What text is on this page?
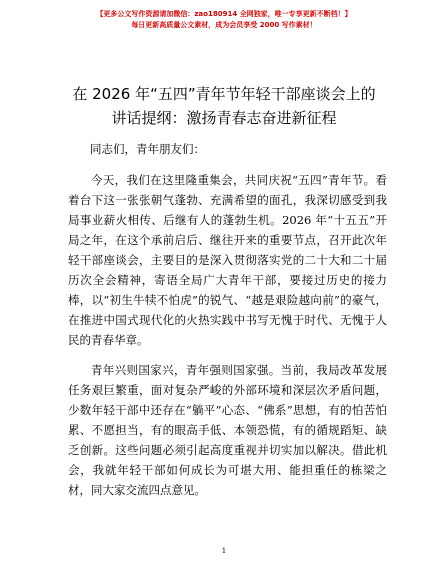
【更多公文写作资源请加微信：zao180914 全网独家，唯一专享更新不断档！】
每日更新高质量公文素材，成为会员享受 2000 写作素材！
在 2026 年“五四”青年节年轻干部座谈会上的
讲话提纲：激扬青春志奋进新征程
同志们，青年朋友们：

今天，我们在这里隆重集会，共同庆祝“五四”青年节。看着台下这一张张朝气蓬勃、充满希望的面孔，我深切感受到我局事业薪火相传、后继有人的蓬勃生机。2026 年“十五五”开局之年，在这个承前启后、继往开来的重要节点，召开此次年轻干部座谈会，主要目的是深入贯彻落实党的二十大和二十届历次全会精神，寄语全局广大青年干部，要接过历史的接力棒，以“初生牛犊不怕虎”的锐气、“越是艰险越向前”的豪气，在推进中国式现代化的火热实践中书写无愧于时代、无愧于人民的青春华章。

青年兴则国家兴，青年强则国家强。当前，我局改革发展任务艰巨繁重，面对复杂严峻的外部环境和深层次矛盾问题，少数年轻干部中还存在“躺平”心态、“佛系”思想，有的怕苦怕累、不愿担当，有的眼高手低、本领恐慌，有的循规蹈矩、缺乏创新。这些问题必须引起高度重视并切实加以解决。借此机会，我就年轻干部如何成长为可堪大用、能担重任的栋梁之材，同大家交流四点意见。

1
